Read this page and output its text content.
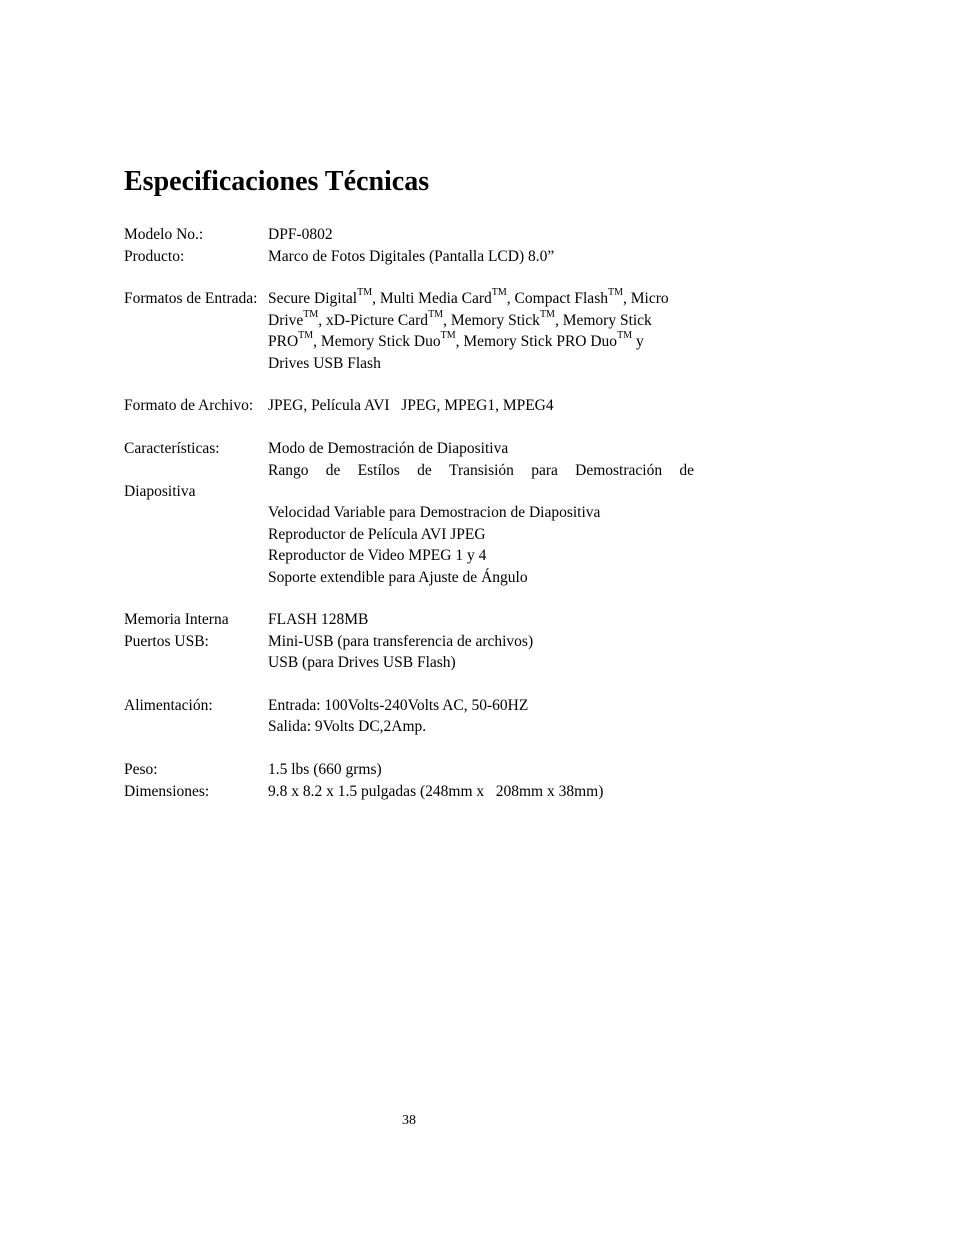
Especificaciones Técnicas
Modelo No.:	DPF-0802
Producto:	Marco de Fotos Digitales (Pantalla LCD) 8.0”
Formatos de Entrada: Secure Digital™, Multi Media Card™, Compact Flash™, Micro
Drive™, xD-Picture Card™, Memory Stick™, Memory Stick
PRO™, Memory Stick Duo™, Memory Stick PRO Duo™ y
Drives USB Flash
Formato de Archivo: JPEG, Película AVI   JPEG, MPEG1, MPEG4
Características:	Modo de Demostración de Diapositiva
Rango de Estílos de Transisión para Demostración de
Diapositiva
Velocidad Variable para Demostracion de Diapositiva
Reproductor de Película AVI JPEG
Reproductor de Video MPEG 1 y 4
Soporte extendible para Ajuste de Ángulo
Memoria Interna	FLASH 128MB
Puertos USB:	Mini-USB (para transferencia de archivos)
USB (para Drives USB Flash)
Alimentación:	Entrada: 100Volts-240Volts AC, 50-60HZ
Salida: 9Volts DC,2Amp.
Peso:	1.5 lbs (660 grms)
Dimensiones:	9.8 x 8.2 x 1.5 pulgadas (248mm x   208mm x 38mm)
38
